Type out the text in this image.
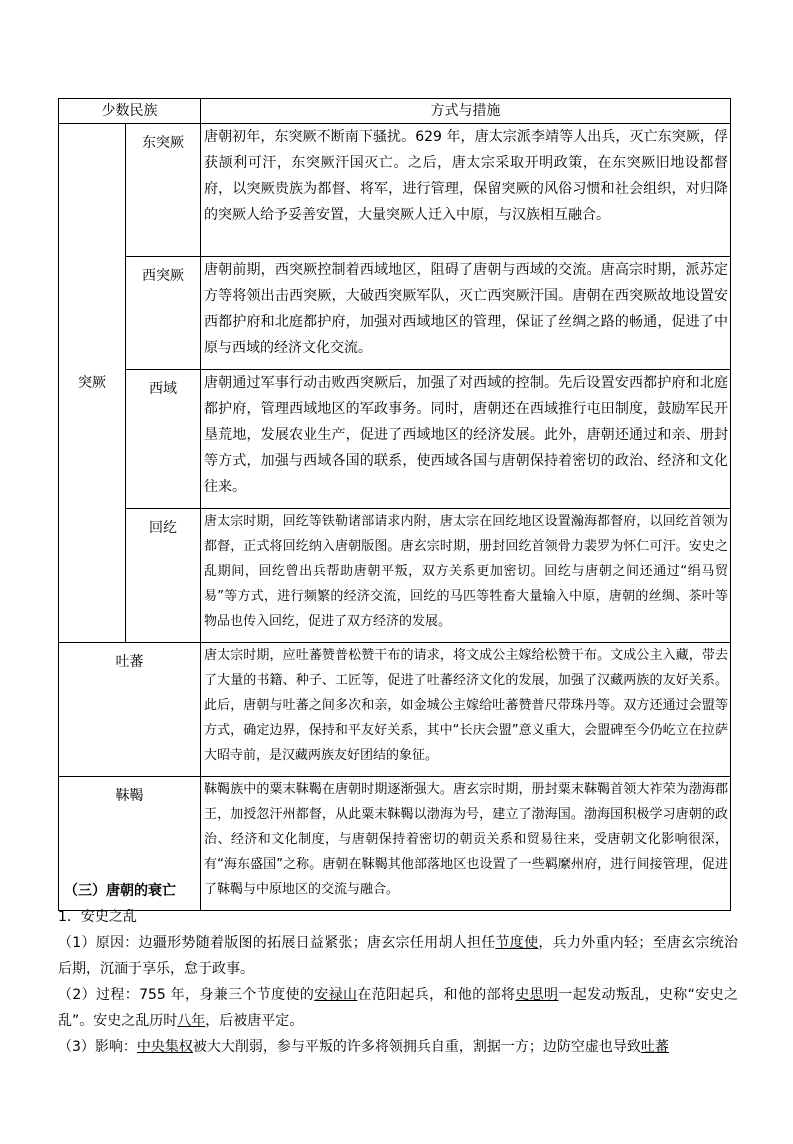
少数民族		方式与措施
突厥	东突厥	唐朝初年，东突厥不断南下骚扰。629 年，唐太宗派李靖等人出兵，灭亡东突厥，俘获颉利可汗，东突厥汗国灭亡。之后，唐太宗采取开明政策，在东突厥旧地设都督府，以突厥贵族为都督、将军，进行管理，保留突厥的风俗习惯和社会组织，对归降的突厥人给予妥善安置，大量突厥人迁入中原，与汉族相互融合。
	西突厥	唐朝前期，西突厥控制着西域地区，阻碍了唐朝与西域的交流。唐高宗时期，派苏定方等将领出击西突厥，大破西突厥军队，灭亡西突厥汗国。唐朝在西突厥故地设置安西都护府和北庭都护府，加强对西域地区的管理，保证了丝绸之路的畅通，促进了中原与西域的经济文化交流。
	西域	唐朝通过军事行动击败西突厥后，加强了对西域的控制。先后设置安西都护府和北庭都护府，管理西域地区的军政事务。同时，唐朝还在西域推行屯田制度，鼓励军民开垦荒地，发展农业生产，促进了西域地区的经济发展。此外，唐朝还通过和亲、册封等方式，加强与西域各国的联系，使西域各国与唐朝保持着密切的政治、经济和文化往来。
	回纥	唐太宗时期，回纥等铁勒诸部请求内附，唐太宗在回纥地区设置瀚海都督府，以回纥首领为都督，正式将回纥纳入唐朝版图。唐玄宗时期，册封回纥首领骨力裴罗为怀仁可汗。安史之乱期间，回纥曾出兵帮助唐朝平叛，双方关系更加密切。回纥与唐朝之间还通过“绢马贸易”等方式，进行频繁的经济交流，回纥的马匹等牲畜大量输入中原，唐朝的丝绸、茶叶等物品也传入回纥，促进了双方经济的发展。
吐蕃		唐太宗时期，应吐蕃赞普松赞干布的请求，将文成公主嫁给松赞干布。文成公主入藏，带去了大量的书籍、种子、工匠等，促进了吐蕃经济文化的发展，加强了汉藏两族的友好关系。此后，唐朝与吐蕃之间多次和亲，如金城公主嫁给吐蕃赞普尺带珠丹等。双方还通过会盟等方式，确定边界，保持和平友好关系，其中“长庆会盟”意义重大，会盟碑至今仍屹立在拉萨大昭寺前，是汉藏两族友好团结的象征。
靺鞨		靺鞨族中的粟末靺鞨在唐朝时期逐渐强大。唐玄宗时期，册封粟末靺鞨首领大祚荣为渤海郡王，加授忽汗州都督，从此粟末靺鞨以渤海为号，建立了渤海国。渤海国积极学习唐朝的政治、经济和文化制度，与唐朝保持着密切的朝贡关系和贸易往来，受唐朝文化影响很深，有“海东盛国”之称。唐朝在靺鞨其他部落地区也设置了一些羁縻州府，进行间接管理，促进了靺鞨与中原地区的交流与融合。

（三）唐朝的衰亡

1．安史之乱

（1）原因：边疆形势随着版图的拓展日益紧张；唐玄宗任用胡人担任节度使，兵力外重内轻；至唐玄宗统治后期，沉湎于享乐，怠于政事。

（2）过程：755 年，身兼三个节度使的安禄山在范阳起兵，和他的部将史思明一起发动叛乱，史称“安史之乱”。安史之乱历时八年，后被唐平定。

（3）影响：中央集权被大大削弱，参与平叛的许多将领拥兵自重，割据一方；边防空虚也导致吐蕃
